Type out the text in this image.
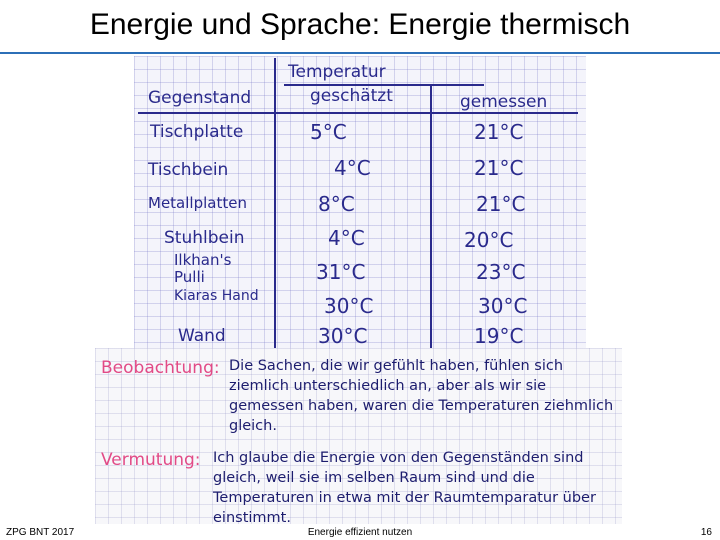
Energie und Sprache: Energie thermisch
Temperatur
Gegenstand	geschätzt	gemessen
Tischplatte	5°C	21°C
Tischbein	4°C	21°C
Metallplatten	8°C	21°C
Stuhlbein	4°C	20°C
Ilkhan's Pulli	31°C	23°C
Kiaras Hand	30°C	30°C
Wand	30°C	19°C
Beobachtung: Die Sachen, die wir gefühlt haben, fühlen sich ziemlich unterschiedlich an, aber als wir sie gemessen haben, waren die Temperaturen ziehmlich gleich.
Vermutung: Ich glaube die Energie von den Gegenständen sind gleich, weil sie im selben Raum sind und die Temperaturen in etwa mit der Raumtemparatur über einstimmt.
ZPG BNT 2017	Energie effizient nutzen	16
